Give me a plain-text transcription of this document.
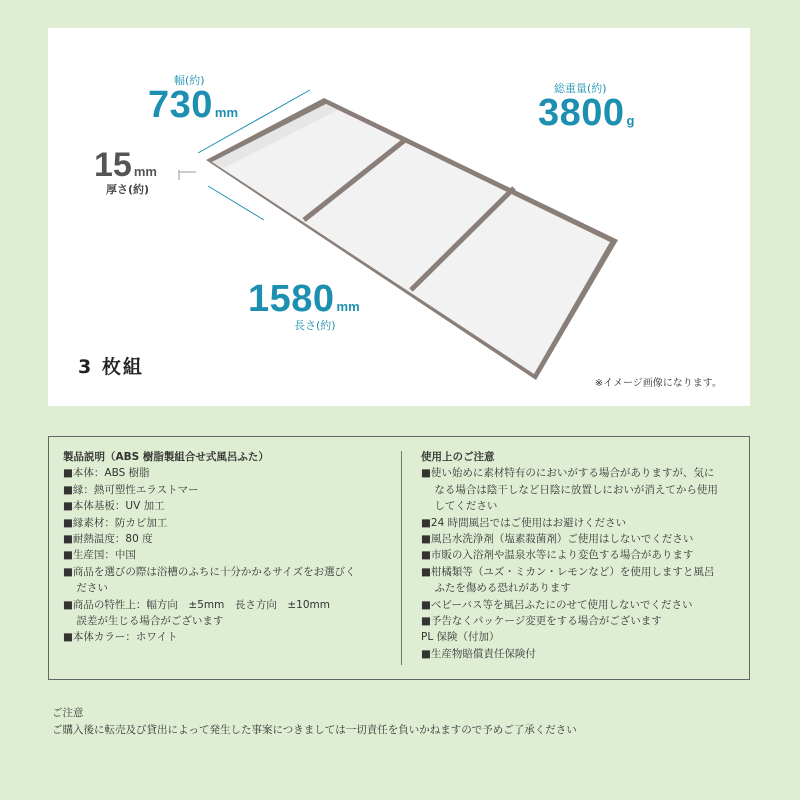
幅(約)
730 mm
総重量(約)
3800 g
15 mm
厚さ(約)
1580 mm
長さ(約)
3 枚組
※イメージ画像になります。
製品説明（ABS 樹脂製組合せ式風呂ふた）
■本体：ABS 樹脂
■縁：熱可塑性エラストマー
■本体基板：UV 加工
■縁素材：防カビ加工
■耐熱温度：80 度
■生産国：中国
■商品を選びの際は浴槽のふちに十分かかるサイズをお選びく
ださい
■商品の特性上：幅方向　±5mm　長さ方向　±10mm
誤差が生じる場合がございます
■本体カラー：ホワイト
使用上のご注意
■使い始めに素材特有のにおいがする場合がありますが、気に
なる場合は陰干しなど日陰に放置しにおいが消えてから使用
してください
■24 時間風呂ではご使用はお避けください
■風呂水洗浄剤（塩素殺菌剤）ご使用はしないでください
■市販の入浴剤や温泉水等により変色する場合があります
■柑橘類等（ユズ・ミカン・レモンなど）を使用しますと風呂
ふたを傷める恐れがあります
■ベビーバス等を風呂ふたにのせて使用しないでください
■予告なくパッケージ変更をする場合がございます
PL 保険（付加）
■生産物賠償責任保険付
ご注意
ご購入後に転売及び貸出によって発生した事案につきましては一切責任を負いかねますので予めご了承ください
